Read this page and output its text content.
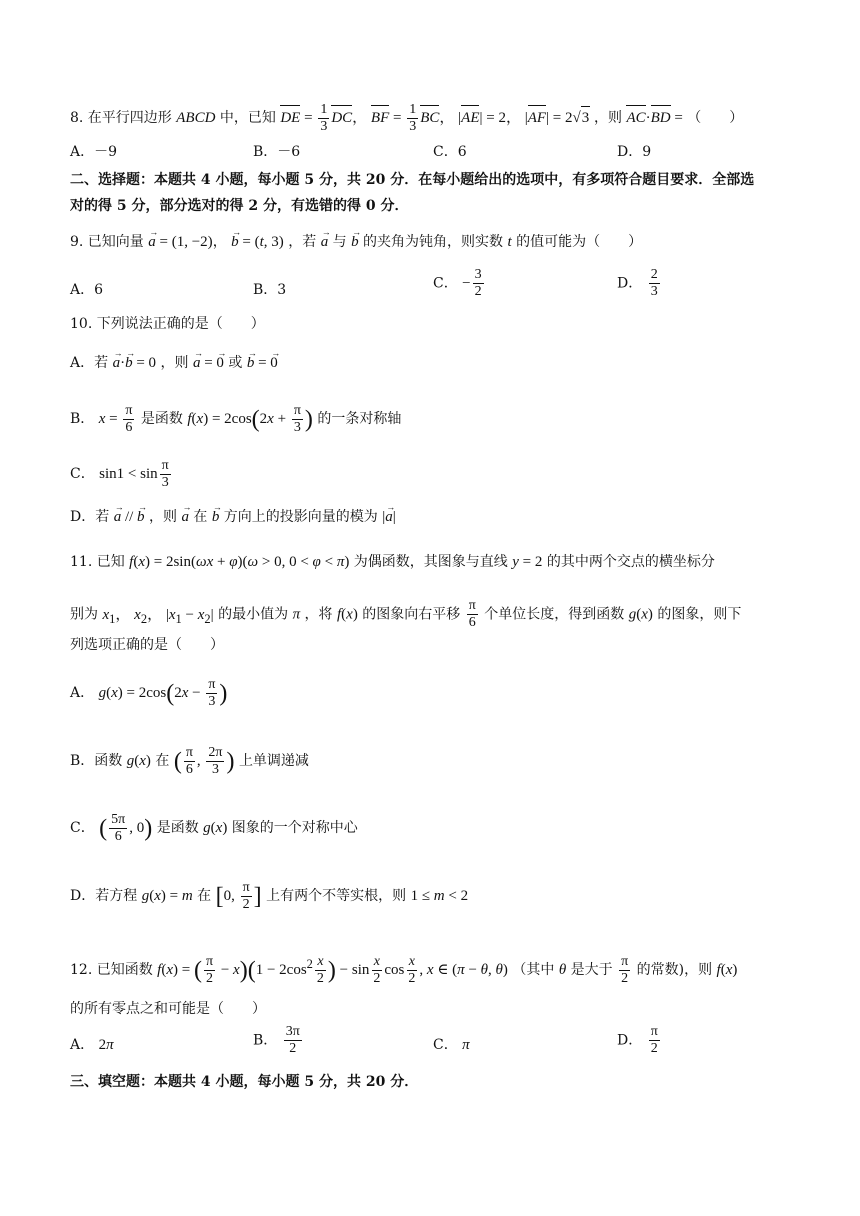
8. 在平行四边形 ABCD 中，已知 DE = $\frac{1}{3}$ DC， BF = $\frac{1}{3}$ BC， |AE| = 2， |AF| = 2√3 ，则 AC·BD = （　　）
A．－9	B．－6	C．6	D．9
二、选择题：本题共 4 小题，每小题 5 分，共 20 分．在每小题给出的选项中，有多项符合题目要求．全部选
对的得 5 分，部分选对的得 2 分，有选错的得 0 分．
9. 已知向量 a → = (1, −2)， b → = (t, 3) ，若 a → 与 b → 的夹角为钝角，则实数 t 的值可能为（　　）
A．6	B．3	C． − $\frac{3}{2}$	D． $\frac{2}{3}$
10. 下列说法正确的是（　　）
A．若 a →·b → = 0 ，则 a → = 0 → 或 b → = 0 →
B． $x = \frac{\pi}{6}$ 是函数 $f(x) = 2\cos(2x + \frac{\pi}{3}$ ) 的一条对称轴
C． $\sin 1 < \sin \frac{\pi}{3}$
D．若 a → // b → ，则 a → 在 b → 方向上的投影向量的模为 |a →|
11. 已知 f(x) = 2sin(ωx + φ)(ω > 0, 0 < φ < π) 为偶函数，其图象与直线 y = 2 的其中两个交点的横坐标分
别为 $x_1$， $x_2$， $|x_1 - x_2|$ 的最小值为 π ，将 f(x) 的图象向右平移 $\frac{\pi}{6}$ 个单位长度，得到函数 g(x) 的图象，则下
列选项正确的是（　　）
A． $g(x) = 2\cos(2x - \frac{\pi}{3}$ )
B．函数 g(x) 在 ( $\frac{\pi}{6}$ , $\frac{2\pi}{3}$ ) 上单调递减
C． ( $\frac{5\pi}{6}$ , 0) 是函数 g(x) 图象的一个对称中心
D．若方程 g(x) = m 在 [0, $\frac{\pi}{2}$ ] 上有两个不等实根，则 1 ≤ m < 2
12. 已知函数 f(x) = ( $\frac{\pi}{2} - x)(1 - 2\cos^2 \frac{x}{2}$ ) − $\sin \frac{x}{2}$ $\cos \frac{x}{2}$ , x ∈ (π − θ, θ) （其中 θ 是大于 $\frac{\pi}{2}$ 的常数)，则 f(x)
的所有零点之和可能是（　　）
A． 2π	B． $\frac{3\pi}{2}$	C． π	D． $\frac{\pi}{2}$
三、填空题：本题共 4 小题，每小题 5 分，共 20 分．
